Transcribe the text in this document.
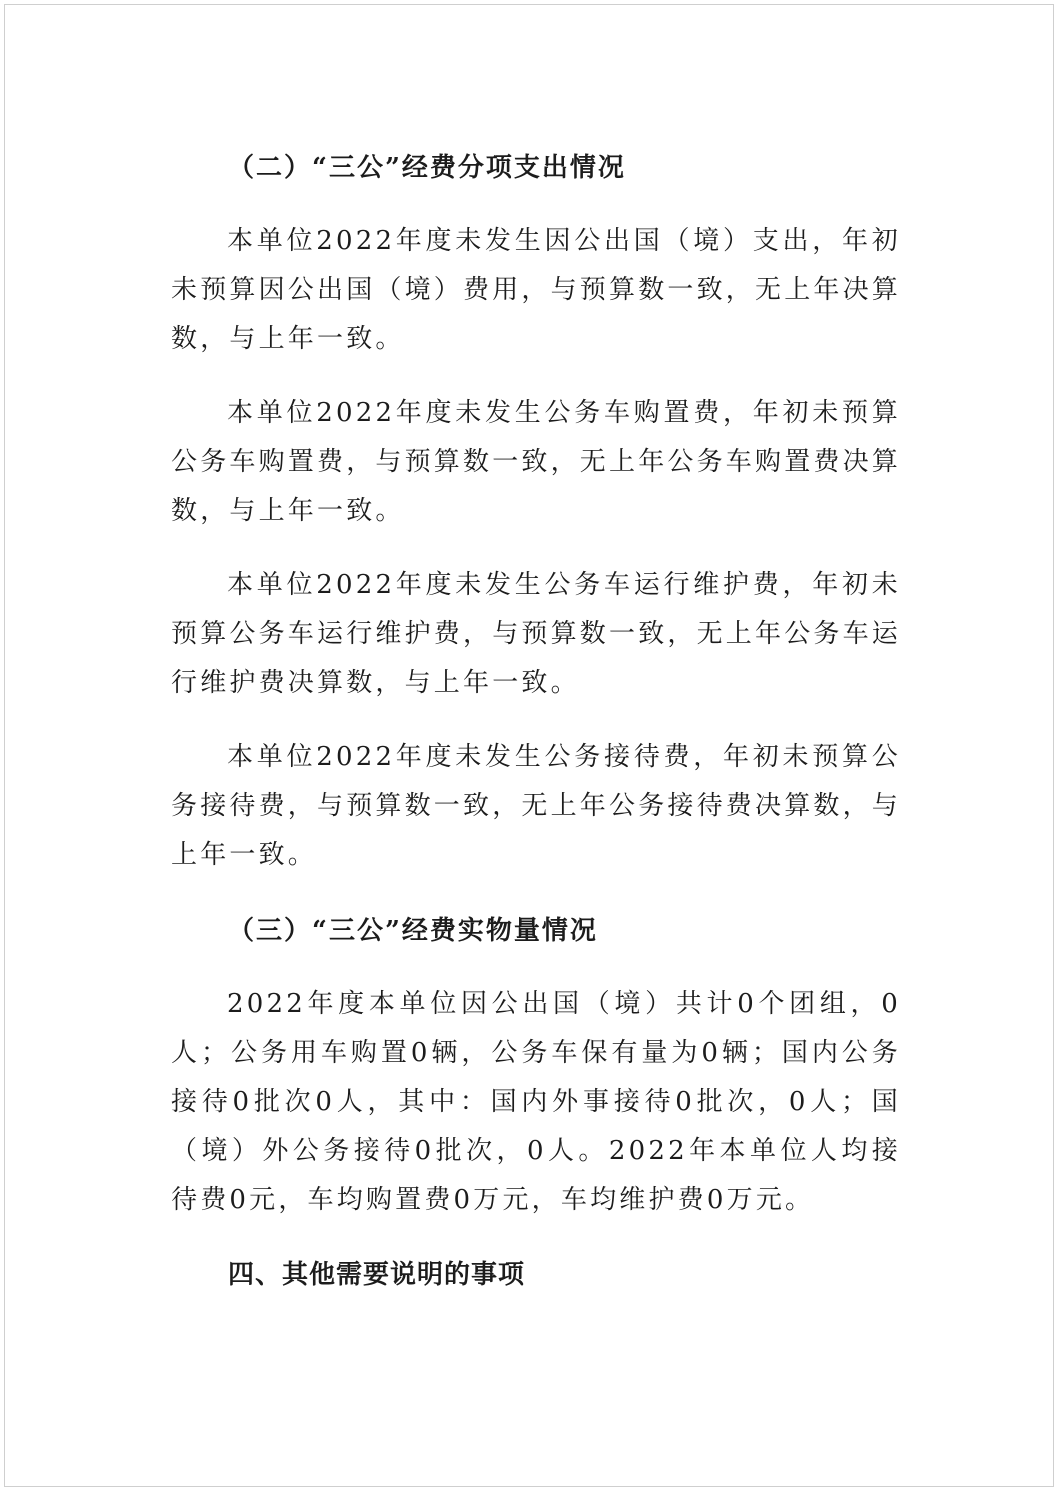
（二）“三公”经费分项支出情况

本单位2022年度未发生因公出国（境）支出，年初未预算因公出国（境）费用，与预算数一致，无上年决算数，与上年一致。

本单位2022年度未发生公务车购置费，年初未预算公务车购置费，与预算数一致，无上年公务车购置费决算数，与上年一致。

本单位2022年度未发生公务车运行维护费，年初未预算公务车运行维护费，与预算数一致，无上年公务车运行维护费决算数，与上年一致。

本单位2022年度未发生公务接待费，年初未预算公务接待费，与预算数一致，无上年公务接待费决算数，与上年一致。

（三）“三公”经费实物量情况

2022年度本单位因公出国（境）共计0个团组，0人；公务用车购置0辆，公务车保有量为0辆；国内公务接待0批次0人，其中：国内外事接待0批次，0人；国（境）外公务接待0批次，0人。2022年本单位人均接待费0元，车均购置费0万元，车均维护费0万元。

四、其他需要说明的事项
